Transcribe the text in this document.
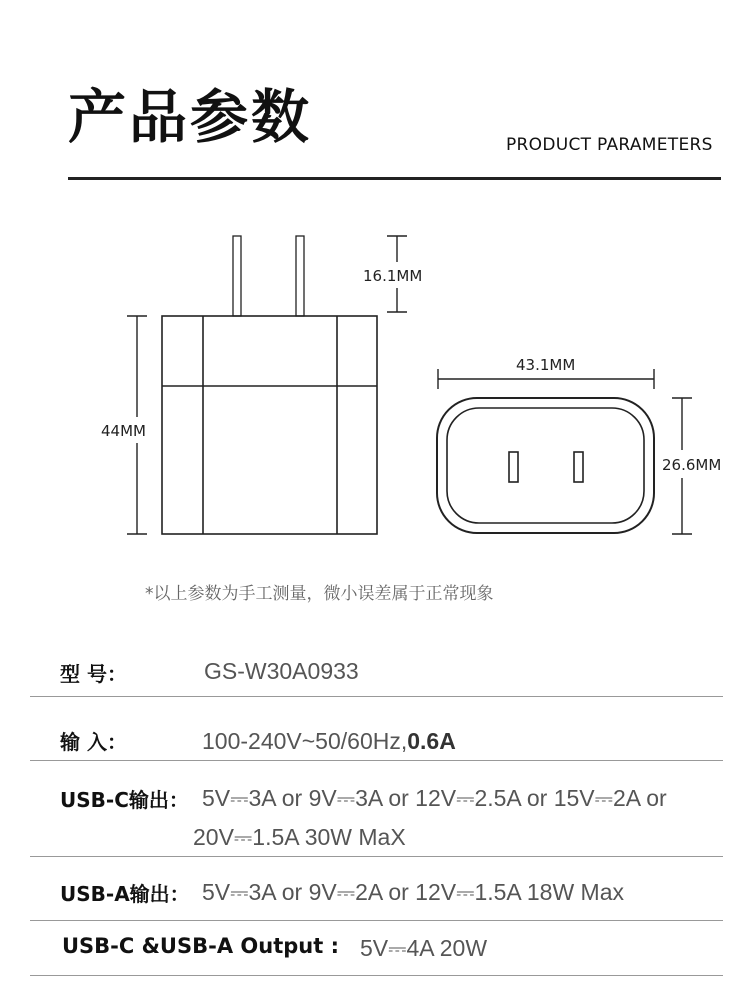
产品参数	PRODUCT PARAMETERS
16.1MM
44MM
43.1MM
26.6MM
*以上参数为手工测量，微小误差属于正常现象
型 号：	GS-W30A0933
输 入：	100-240V~50/60Hz,0.6A
USB-C输出： 5V⎓3A or 9V⎓3A or 12V⎓2.5A or 15V⎓2A or
20V⎓1.5A 30W MaX
USB-A输出： 5V⎓3A or 9V⎓2A or 12V⎓1.5A 18W Max
USB-C &USB-A Output : 5V⎓4A 20W
